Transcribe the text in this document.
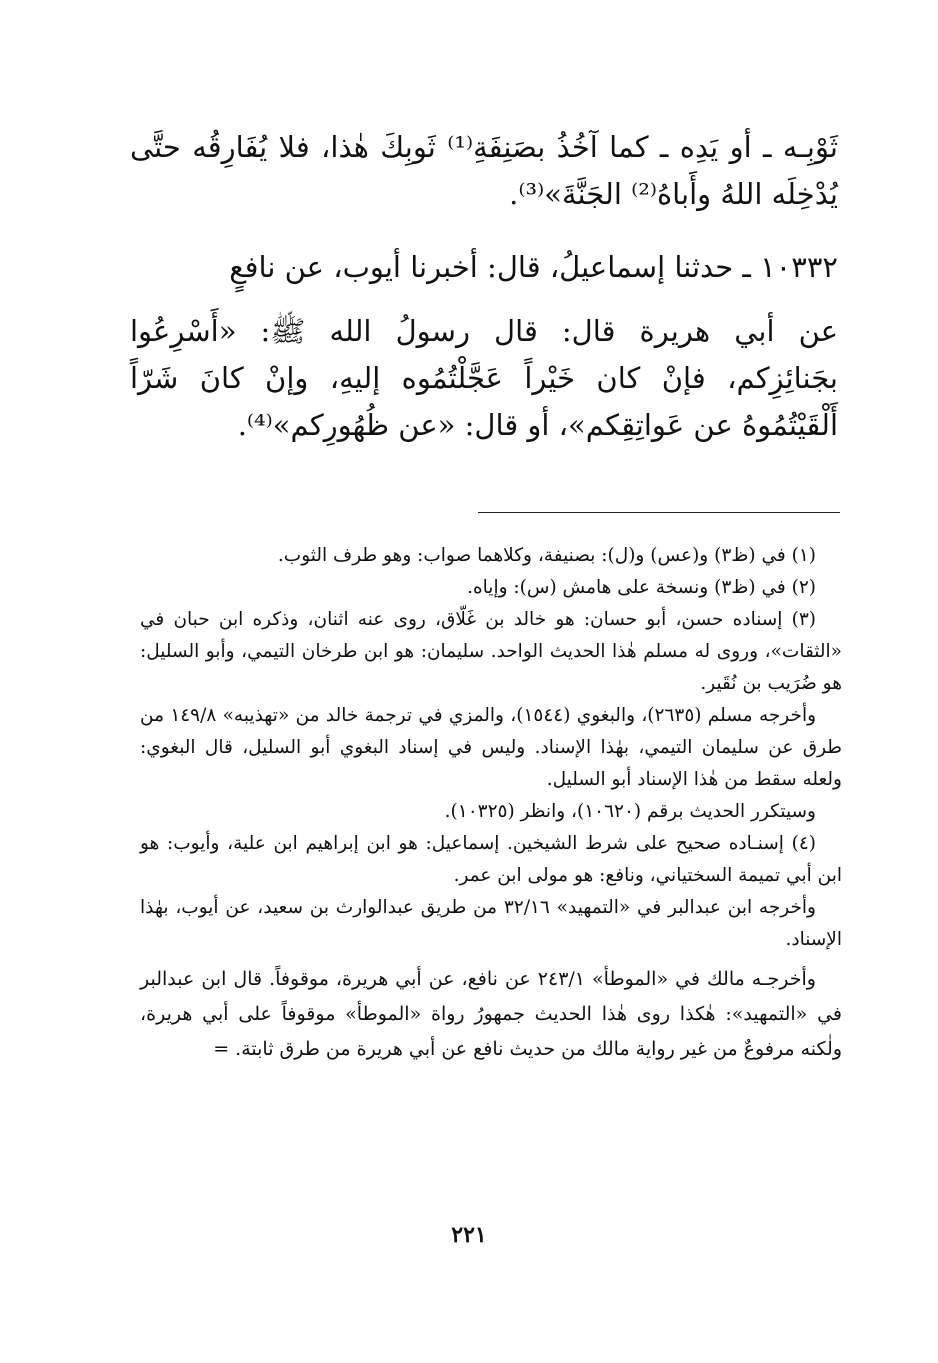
ثَوْبِـه ـ أو يَدِه ـ كما آخُذُ بصَنِفَةِ⁽¹⁾ ثَوبِكَ هٰذا، فلا يُفَارِقُه حتَّى يُدْخِلَه اللهُ وأَباهُ⁽²⁾ الجَنَّةَ»⁽³⁾.

١٠٣٣٢ ـ حدثنا إسماعيلُ، قال: أخبرنا أيوب، عن نافعٍ

عن أبي هريرة قال: قال رسولُ الله ﷺ: «أَسْرِعُوا بجَنائِزِكم، فإنْ كان خَيْراً عَجَّلْتُمُوه إليهِ، وإنْ كانَ شَرّاً أَلْقَيْتُمُوهُ عن عَواتِقِكم»، أو قال: «عن ظُهُورِكم»⁽⁴⁾.

(١) في (ظ٣) و(عس) و(ل): بصنيفة، وكلاهما صواب: وهو طرف الثوب.

(٢) في (ظ٣) ونسخة على هامش (س): وإياه.

(٣) إسناده حسن، أبو حسان: هو خالد بن غَلّاق، روى عنه اثنان، وذكره ابن حبان في «الثقات»، وروى له مسلم هٰذا الحديث الواحد. سليمان: هو ابن طرخان التيمي، وأبو السليل: هو ضُرَيب بن نُقَير.

وأخرجه مسلم (٢٦٣٥)، والبغوي (١٥٤٤)، والمزي في ترجمة خالد من «تهذيبه» ١٤٩/٨ من طرق عن سليمان التيمي، بهٰذا الإسناد. وليس في إسناد البغوي أبو السليل، قال البغوي: ولعله سقط من هٰذا الإسناد أبو السليل.

وسيتكرر الحديث برقم (١٠٦٢٠)، وانظر (١٠٣٢٥).

(٤) إسنـاده صحيح على شرط الشيخين. إسماعيل: هو ابن إبراهيم ابن علية، وأيوب: هو ابن أبي تميمة السختياني، ونافع: هو مولى ابن عمر.

وأخرجه ابن عبدالبر في «التمهيد» ٣٢/١٦ من طريق عبدالوارث بن سعيد، عن أيوب، بهٰذا الإسناد.

وأخرجـه مالك في «الموطأ» ٢٤٣/١ عن نافع، عن أبي هريرة، موقوفاً. قال ابن عبدالبر في «التمهيد»: هٰكذا روى هٰذا الحديث جمهورُ رواة «الموطأ» موقوفاً على أبي هريرة، ولٰكنه مرفوعٌ من غير رواية مالك من حديث نافع عن أبي هريرة من طرق ثابتة. =

٢٢١
